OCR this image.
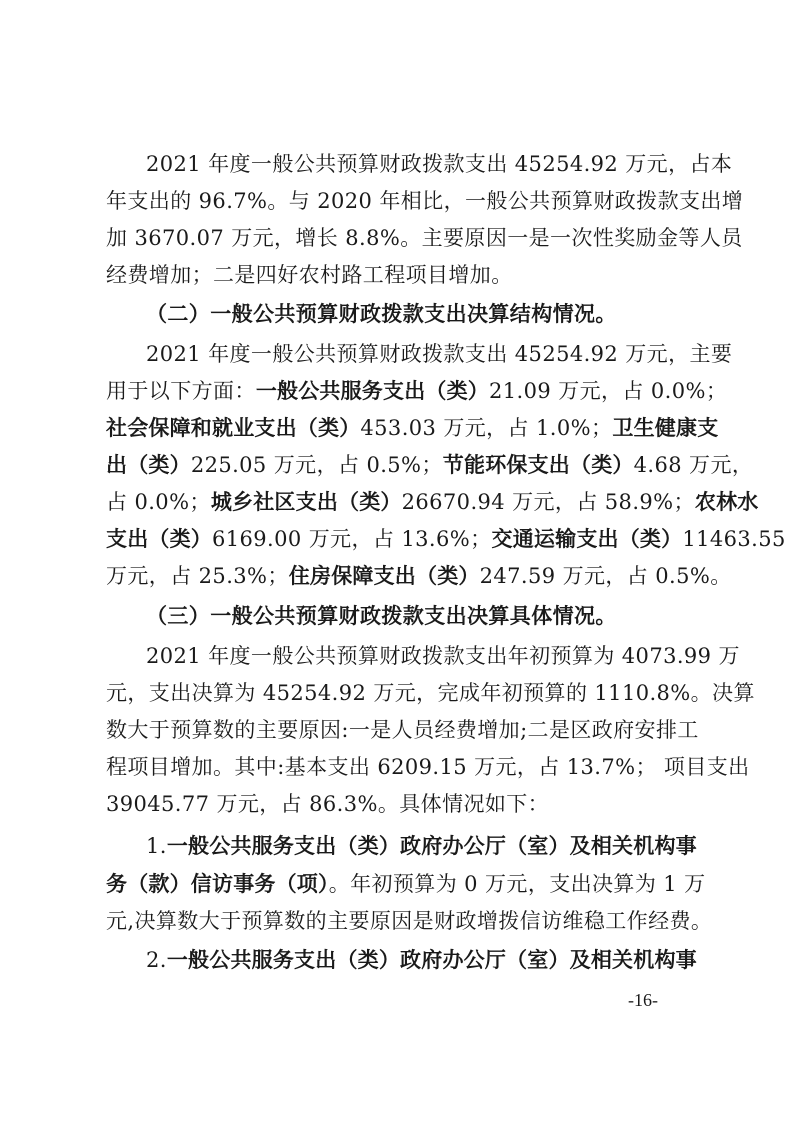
2021 年度一般公共预算财政拨款支出 45254.92 万元，占本
年支出的 96.7%。与 2020 年相比，一般公共预算财政拨款支出增
加 3670.07 万元，增长 8.8%。主要原因一是一次性奖励金等人员
经费增加；二是四好农村路工程项目增加。
（二）一般公共预算财政拨款支出决算结构情况。
2021 年度一般公共预算财政拨款支出 45254.92 万元，主要
用于以下方面：一般公共服务支出（类）21.09 万元，占 0.0%；
社会保障和就业支出（类）453.03 万元，占 1.0%；卫生健康支
出（类）225.05 万元，占 0.5%；节能环保支出（类）4.68 万元，
占 0.0%；城乡社区支出（类）26670.94 万元，占 58.9%；农林水
支出（类）6169.00 万元，占 13.6%；交通运输支出（类）11463.55
万元，占 25.3%；住房保障支出（类）247.59 万元，占 0.5%。
（三）一般公共预算财政拨款支出决算具体情况。
2021 年度一般公共预算财政拨款支出年初预算为 4073.99 万
元，支出决算为 45254.92 万元，完成年初预算的 1110.8%。决算
数大于预算数的主要原因:一是人员经费增加;二是区政府安排工
程项目增加。其中:基本支出 6209.15 万元，占 13.7%； 项目支出
39045.77 万元，占 86.3%。具体情况如下：
1.一般公共服务支出（类）政府办公厅（室）及相关机构事
务（款）信访事务（项）。年初预算为 0 万元，支出决算为 1 万
元,决算数大于预算数的主要原因是财政增拨信访维稳工作经费。
2.一般公共服务支出（类）政府办公厅（室）及相关机构事
-16-
